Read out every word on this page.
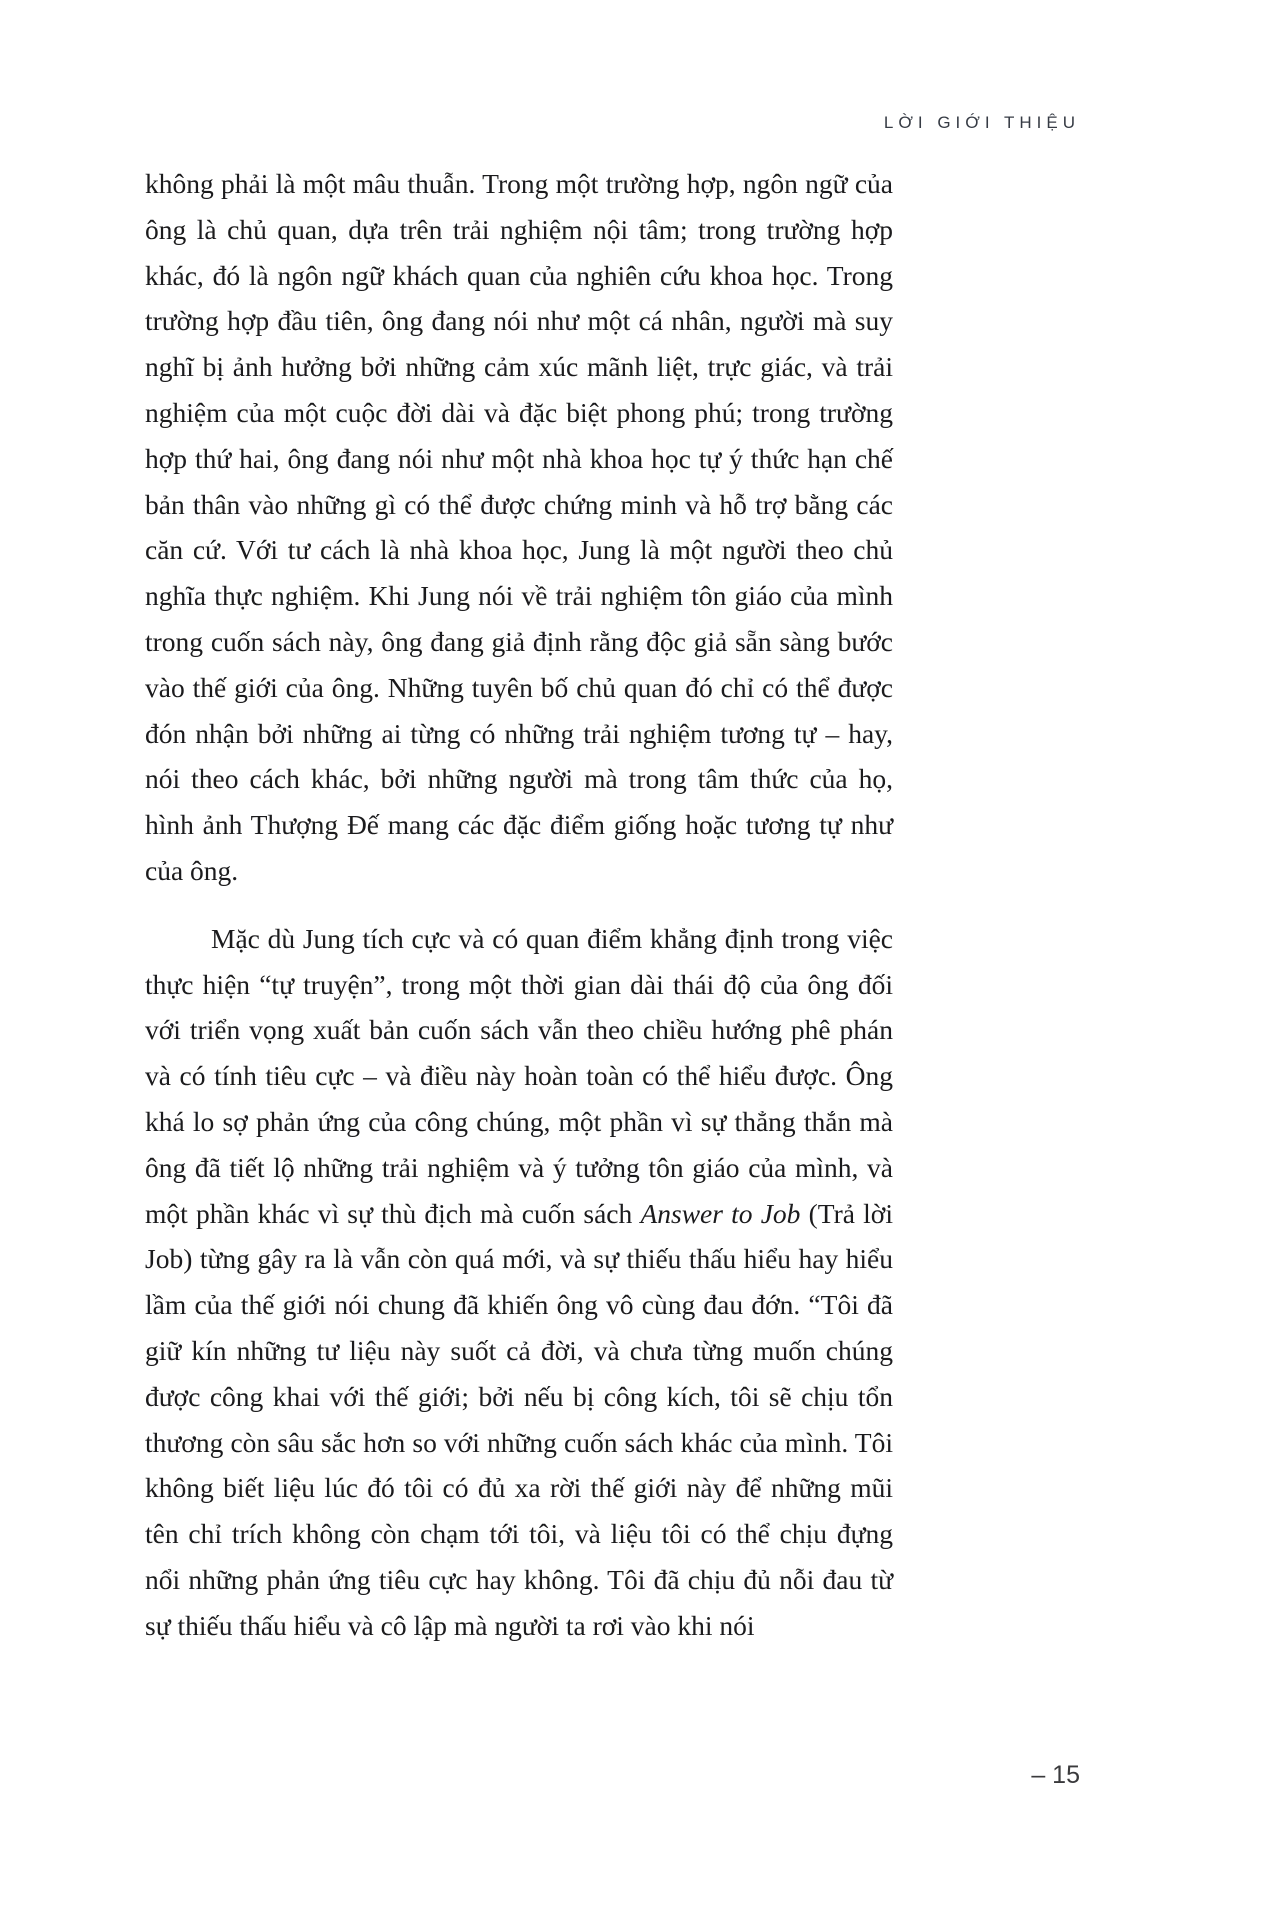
LỜI GIỚI THIỆU

không phải là một mâu thuẫn. Trong một trường hợp, ngôn ngữ của ông là chủ quan, dựa trên trải nghiệm nội tâm; trong trường hợp khác, đó là ngôn ngữ khách quan của nghiên cứu khoa học. Trong trường hợp đầu tiên, ông đang nói như một cá nhân, người mà suy nghĩ bị ảnh hưởng bởi những cảm xúc mãnh liệt, trực giác, và trải nghiệm của một cuộc đời dài và đặc biệt phong phú; trong trường hợp thứ hai, ông đang nói như một nhà khoa học tự ý thức hạn chế bản thân vào những gì có thể được chứng minh và hỗ trợ bằng các căn cứ. Với tư cách là nhà khoa học, Jung là một người theo chủ nghĩa thực nghiệm. Khi Jung nói về trải nghiệm tôn giáo của mình trong cuốn sách này, ông đang giả định rằng độc giả sẵn sàng bước vào thế giới của ông. Những tuyên bố chủ quan đó chỉ có thể được đón nhận bởi những ai từng có những trải nghiệm tương tự – hay, nói theo cách khác, bởi những người mà trong tâm thức của họ, hình ảnh Thượng Đế mang các đặc điểm giống hoặc tương tự như của ông.

Mặc dù Jung tích cực và có quan điểm khẳng định trong việc thực hiện “tự truyện”, trong một thời gian dài thái độ của ông đối với triển vọng xuất bản cuốn sách vẫn theo chiều hướng phê phán và có tính tiêu cực – và điều này hoàn toàn có thể hiểu được. Ông khá lo sợ phản ứng của công chúng, một phần vì sự thẳng thắn mà ông đã tiết lộ những trải nghiệm và ý tưởng tôn giáo của mình, và một phần khác vì sự thù địch mà cuốn sách Answer to Job (Trả lời Job) từng gây ra là vẫn còn quá mới, và sự thiếu thấu hiểu hay hiểu lầm của thế giới nói chung đã khiến ông vô cùng đau đớn. “Tôi đã giữ kín những tư liệu này suốt cả đời, và chưa từng muốn chúng được công khai với thế giới; bởi nếu bị công kích, tôi sẽ chịu tổn thương còn sâu sắc hơn so với những cuốn sách khác của mình. Tôi không biết liệu lúc đó tôi có đủ xa rời thế giới này để những mũi tên chỉ trích không còn chạm tới tôi, và liệu tôi có thể chịu đựng nổi những phản ứng tiêu cực hay không. Tôi đã chịu đủ nỗi đau từ sự thiếu thấu hiểu và cô lập mà người ta rơi vào khi nói

– 15
